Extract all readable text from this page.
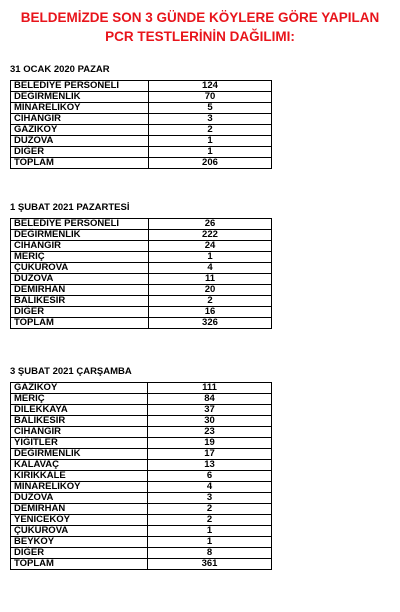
BELDEMİZDE SON 3 GÜNDE KÖYLERE GÖRE YAPILAN
PCR TESTLERİNİN DAĞILIMI:
31 OCAK 2020 PAZAR
BELEDİYE PERSONELİ	124
DEĞİRMENLİK	70
MİNARELİKÖY	5
CİHANGİR	3
GAZİKÖY	2
DÜZOVA	1
DİĞER	1
TOPLAM	206
1 ŞUBAT 2021 PAZARTESİ
BELEDİYE PERSONELİ	26
DEĞİRMENLİK	222
CİHANGİR	24
MERİÇ	1
ÇUKUROVA	4
DÜZOVA	11
DEMİRHAN	20
BALIKESİR	2
DİĞER	16
TOPLAM	326
3 ŞUBAT 2021 ÇARŞAMBA
GAZİKÖY	111
MERİÇ	84
DİLEKKAYA	37
BALIKESİR	30
CİHANGİR	23
YİĞİTLER	19
DEĞİRMENLİK	17
KALAVAÇ	13
KIRIKKALE	6
MİNARELİKÖY	4
DÜZOVA	3
DEMİRHAN	2
YENİCEKÖY	2
ÇUKUROVA	1
BEYKÖY	1
DİĞER	8
TOPLAM	361
